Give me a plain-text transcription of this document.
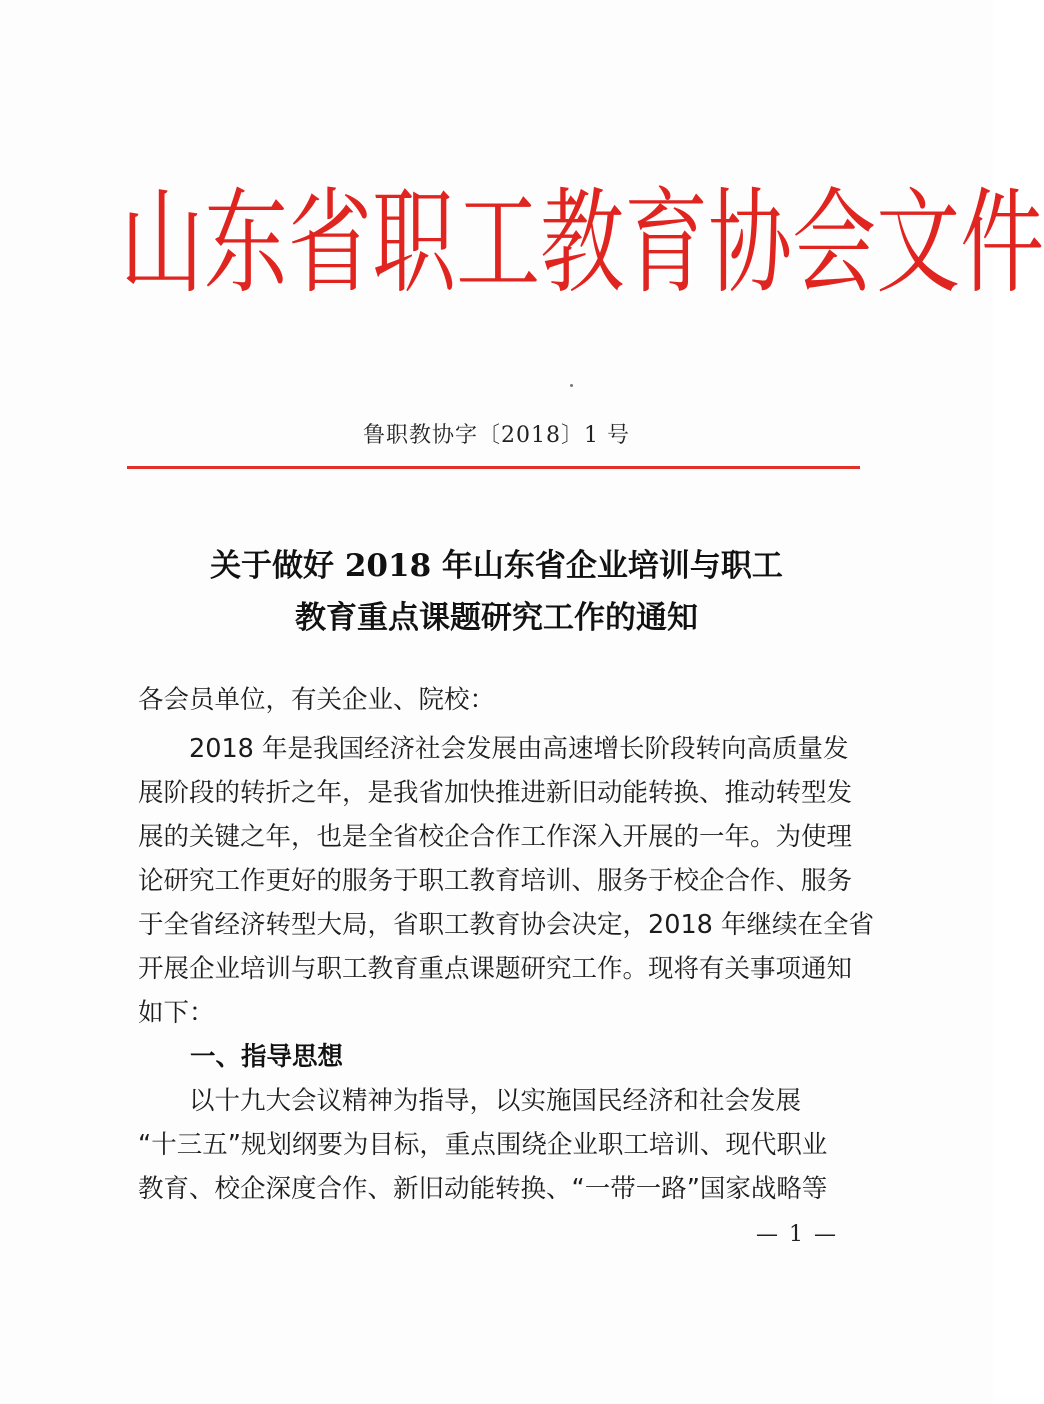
山 东 省 职 工 教 育 协 会 文 件
鲁职教协字〔2018〕1 号
关于做好 2018 年山东省企业培训与职工
教育重点课题研究工作的通知
各会员单位，有关企业、院校：
　　2018 年是我国经济社会发展由高速增长阶段转向高质量发
展阶段的转折之年，是我省加快推进新旧动能转换、推动转型发
展的关键之年，也是全省校企合作工作深入开展的一年。为使理
论研究工作更好的服务于职工教育培训、服务于校企合作、服务
于全省经济转型大局，省职工教育协会决定，2018 年继续在全省
开展企业培训与职工教育重点课题研究工作。现将有关事项通知
如下：
一、指导思想
　　以十九大会议精神为指导，以实施国民经济和社会发展
“十三五”规划纲要为目标，重点围绕企业职工培训、现代职业
教育、校企深度合作、新旧动能转换、“一带一路”国家战略等
— 1 —
